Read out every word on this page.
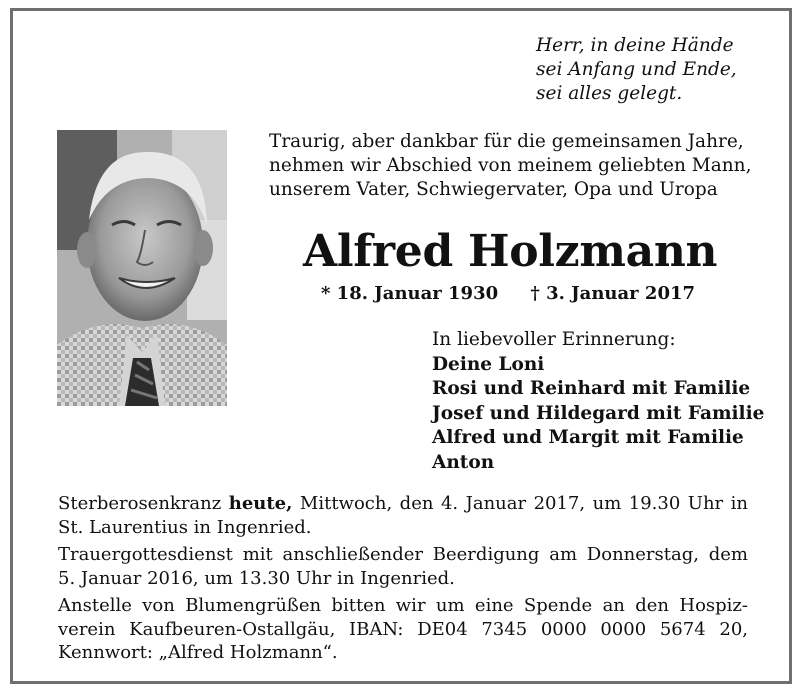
Herr, in deine Hände
sei Anfang und Ende,
sei alles gelegt.
Traurig, aber dankbar für die gemeinsamen Jahre,
nehmen wir Abschied von meinem geliebten Mann,
unserem Vater, Schwiegervater, Opa und Uropa
Alfred Holzmann
* 18. Januar 1930 † 3. Januar 2017
In liebevoller Erinnerung:
Deine Loni
Rosi und Reinhard mit Familie
Josef und Hildegard mit Familie
Alfred und Margit mit Familie
Anton

Sterberosenkranz heute, Mittwoch, den 4. Januar 2017, um 19.30 Uhr in
St. Laurentius in Ingenried.

Trauergottesdienst mit anschließender Beerdigung am Donnerstag, dem
5. Januar 2016, um 13.30 Uhr in Ingenried.

Anstelle von Blumengrüßen bitten wir um eine Spende an den Hospiz-
verein Kaufbeuren-Ostallgäu, IBAN: DE04 7345 0000 0000 5674 20,
Kennwort: „Alfred Holzmann“.
